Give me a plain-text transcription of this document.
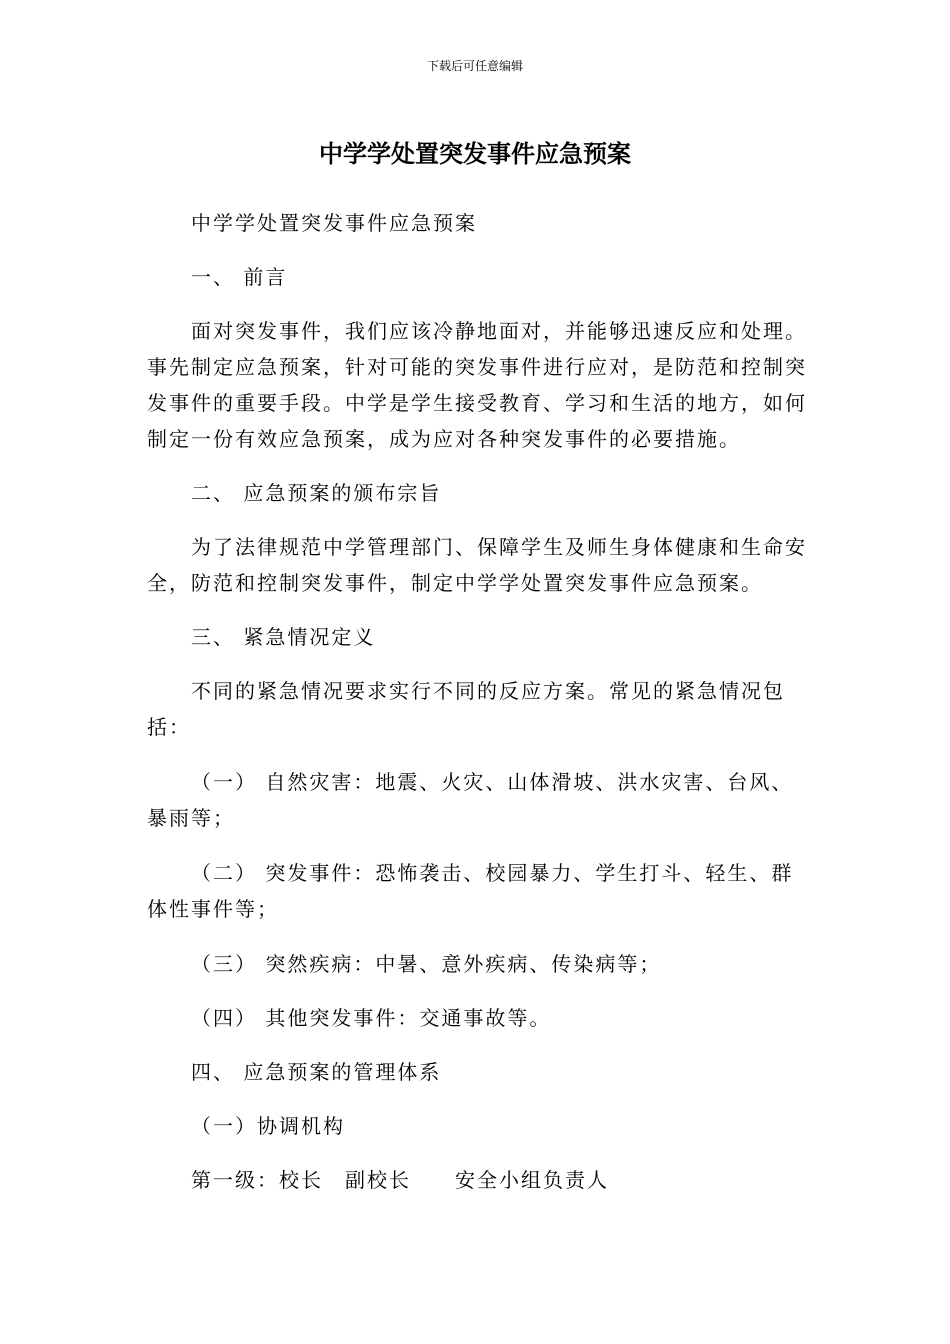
下载后可任意编辑
中学学处置突发事件应急预案

中学学处置突发事件应急预案

一、 前言

面对突发事件，我们应该冷静地面对，并能够迅速反应和处理。事先制定应急预案，针对可能的突发事件进行应对，是防范和控制突发事件的重要手段。中学是学生接受教育、学习和生活的地方，如何制定一份有效应急预案，成为应对各种突发事件的必要措施。

二、 应急预案的颁布宗旨

为了法律规范中学管理部门、保障学生及师生身体健康和生命安全，防范和控制突发事件，制定中学学处置突发事件应急预案。

三、 紧急情况定义

不同的紧急情况要求实行不同的反应方案。常见的紧急情况包括：

（一） 自然灾害：地震、火灾、山体滑坡、洪水灾害、台风、暴雨等；

（二） 突发事件：恐怖袭击、校园暴力、学生打斗、轻生、群体性事件等；

（三） 突然疾病：中暑、意外疾病、传染病等；

（四） 其他突发事件：交通事故等。

四、 应急预案的管理体系

（一）协调机构

第一级：校长　副校长　　安全小组负责人
